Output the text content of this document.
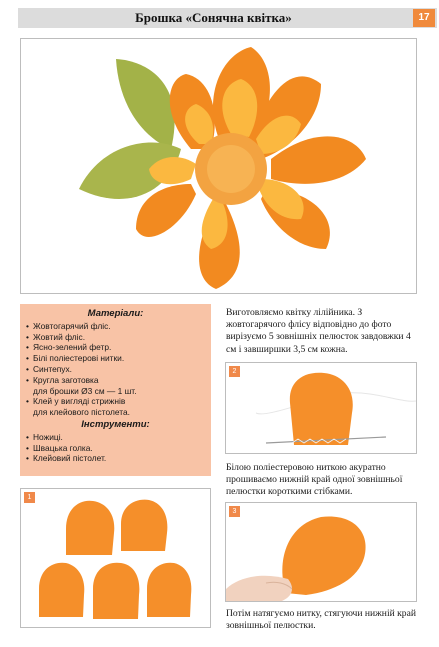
Брошка «Сонячна квітка»	17
Матеріали:
• Жовтогарячий фліс.
• Жовтий фліс.
• Ясно-зелений фетр.
• Білі поліестерові нитки.
• Синтепух.
• Кругла заготовка
для брошки Ø3 см — 1 шт.
• Клей у вигляді стрижнів
для клейового пістолета.
Інструменти:
• Ножиці.
• Швацька голка.
• Клейовий пістолет.
Виготовляємо квітку лілійника. З жовтогарячого флісу відповідно до фото вирізуємо 5 зовнішніх пелюсток завдовжки 4 см і завширшки 3,5 см кожна.
1
2
Білою поліестеровою ниткою акуратно прошиваємо нижній край одної зовнішньої пелюстки короткими стібками.
3
Потім натягуємо нитку, стягуючи нижній край зовнішньої пелюстки.
